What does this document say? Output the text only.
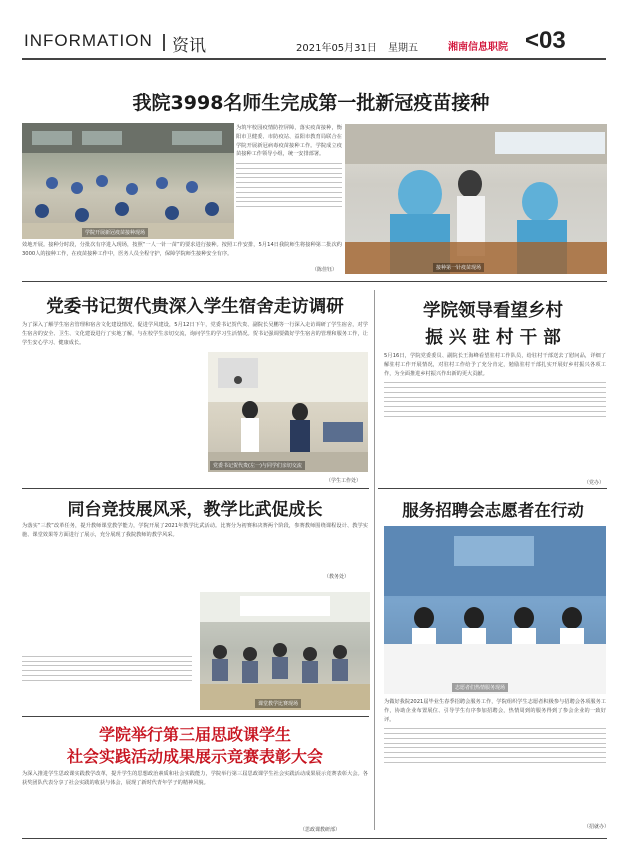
INFORMATION 资讯	2021年05月31日 星期五	湘南信息职院 <03
我院3998名师生完成第一批新冠疫苗接种
学院开展新冠疫苗接种现场
为筑牢校园疫情防控屏障，落实疫苗接种，衡阳市卫健委、市防疫站、益阳市教育局联合在学院开展新冠病毒疫苗接种工作。学院成立疫苗接种工作领导小组，统一安排部署。
接种第一针疫苗现场
效地开展。接种分时段，分批次有序进入现场，按照“一人一针一苗”的要求进行接种。按照工作安排，5月14日我院师生将接种第二批次约3000人的接种工作，在疫苗接种工作中，医务人员全程守护，保障学院师生接种安全有序。
（陈佳钰）
党委书记贺代贵深入学生宿舍走访调研
为了深入了解学生宿舍管理和宿舍文化建设情况，促进学风建设，5月12日下午，党委书记贺代贵、副院长吴鹏等一行深入走访调研了学生宿舍，对学生宿舍的安全、卫生、文化建设进行了实地了解，与在校学生亲切交流，询问学生的学习生活情况。贺书记强调要做好学生宿舍的管理和服务工作，让学生安心学习、健康成长。
党委书记贺代贵(左一)与同学们亲切交流
（学生工作处）
学院领导看望乡村
振 兴 驻 村 干 部
5月16日，学院党委委员、副院长王海峰看望驻村工作队员，给驻村干部送去了慰问品，详细了解驻村工作开展情况，对驻村工作给予了充分肯定，勉励驻村干部扎实开展好乡村振兴各项工作，为全面推进乡村振兴作出新的更大贡献。
（党办）
同台竞技展风采，教学比武促成长
为落实“三教”改革任务，提升教师课堂教学能力，学院开展了2021年教学比武活动。比赛分为初赛和决赛两个阶段，参赛教师围绕课程设计、教学实施、课堂效果等方面进行了展示，充分展现了我院教师的教学风采。
课堂教学比赛现场
（教务处）
服务招聘会志愿者在行动
志愿者们热情服务现场
为做好我院2021届毕业生春季招聘会服务工作，学院组织学生志愿者积极参与招聘会各项服务工作，协助企业布置展位、引导学生有序参加招聘会，热情周到的服务得到了参会企业的一致好评。
（招就办）
学院举行第三届思政课学生
社会实践活动成果展示竞赛表彰大会
为深入推进学生思政课实践教学改革，提升学生的思想政治素质和社会实践能力，学院举行第三届思政课学生社会实践活动成果展示竞赛表彰大会。各获奖团队代表分享了社会实践的收获与体会，展现了新时代青年学子的精神风貌。
（思政课教研部）
